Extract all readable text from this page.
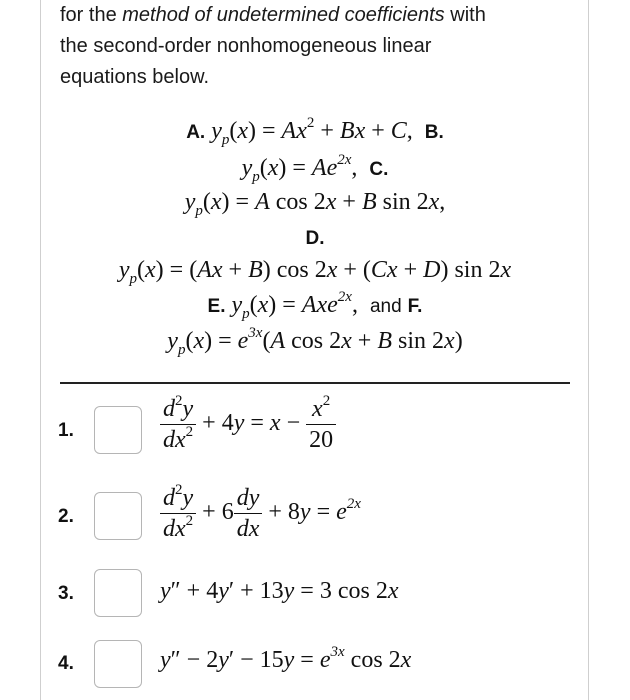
for the method of undetermined coefficients with

the second-order nonhomogeneous linear

equations below.

A. $y_p(x) = Ax^2 + Bx + C$,  B.
$y_p(x) = Ae^{2x}$,  C.
$y_p(x) = A$ cos 2x + B sin 2x,
D.
$y_p(x) = (Ax + B)$ cos 2x + (Cx + D) sin 2x
E. $y_p(x) = Axe^{2x}$,  and F.
$y_p(x) = e^{3x}(A$ cos 2x + B sin 2x)
1.	$\frac{d^2y}{dx^2} + 4y = x - \frac{x^2}{20}$
2.	$\frac{d^2y}{dx^2} + 6 \frac{dy}{dx} + 8y = e^{2x}$
3.	y″ + 4y′ + 13y = 3 cos 2x
4.	$y'' - 2y' - 15y = e^{3x}$ cos 2x
